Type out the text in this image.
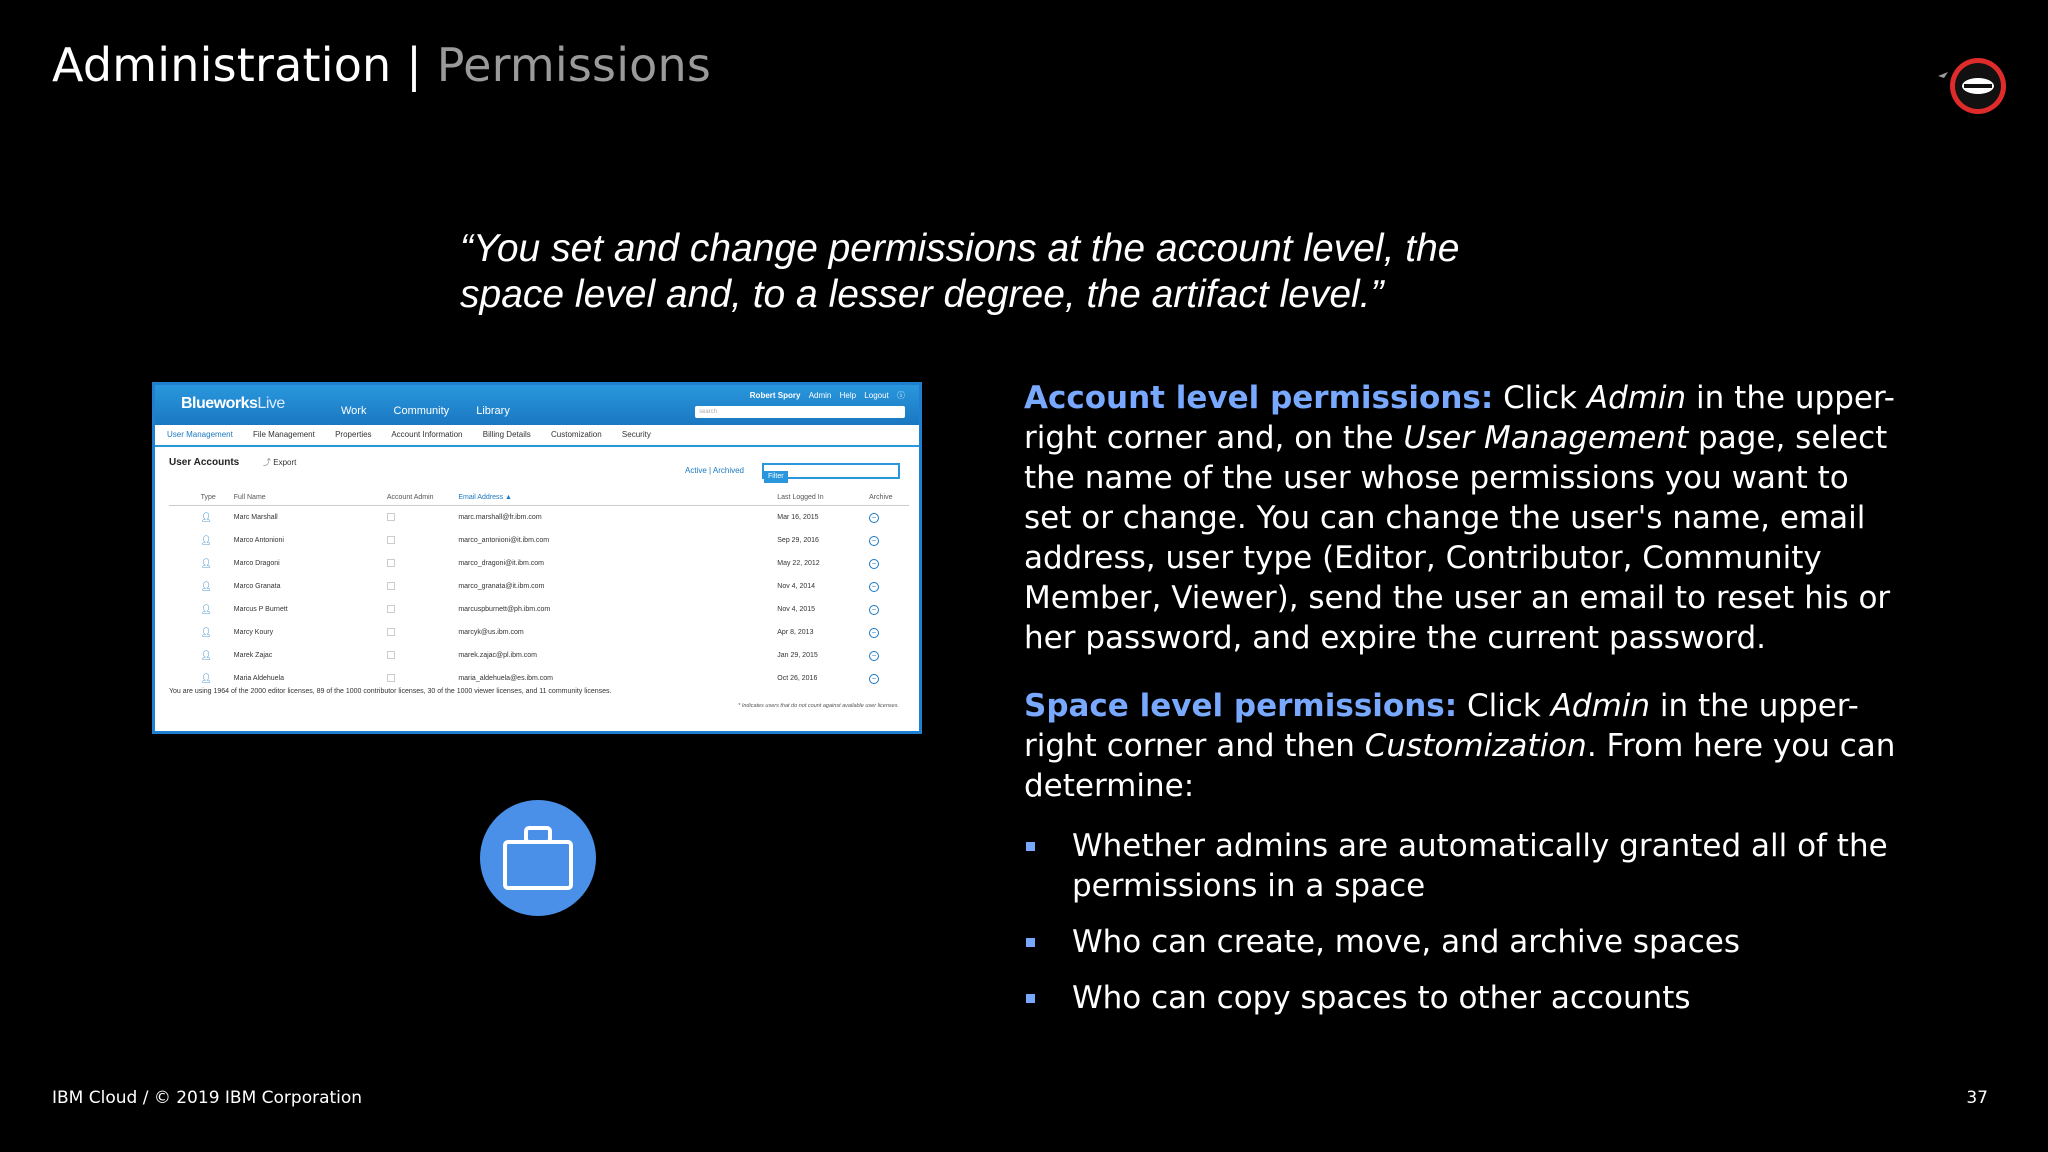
Administration | Permissions
“You set and change permissions at the account level, the space level and, to a lesser degree, the artifact level.”
BlueworksLive	Work Community Library
Robert Spory Admin Help Logout ⓘ
search
User Management	File Management	Properties Account Information	Billing Details	Customization	Security
User Accounts	⤴ Export
Active | Archived
Filter
	Type	Full Name	Account Admin	Email Address ▲	Last Logged In	Archive
	👤︎	Marc Marshall		marc.marshall@fr.ibm.com	Mar 16, 2015	–
	👤︎	Marco Antonioni		marco_antonioni@it.ibm.com	Sep 29, 2016	–
	👤︎	Marco Dragoni		marco_dragoni@it.ibm.com	May 22, 2012	–
	👤︎	Marco Granata		marco_granata@it.ibm.com	Nov 4, 2014	–
	👤︎	Marcus P Burnett		marcuspburnett@ph.ibm.com	Nov 4, 2015	–
	👤︎	Marcy Koury		marcyk@us.ibm.com	Apr 8, 2013	–
	👤︎	Marek Zajac		marek.zajac@pl.ibm.com	Jan 29, 2015	–
	👤︎	Maria Aldehuela		maria_aldehuela@es.ibm.com	Oct 26, 2016	–
You are using 1964 of the 2000 editor licenses, 89 of the 1000 contributor licenses, 30 of the 1000 viewer licenses, and 11 community licenses.
* Indicates users that do not count against available user licenses.

Account level permissions: Click Admin in the upper-right corner and, on the User Management page, select the name of the user whose permissions you want to set or change. You can change the user's name, email address, user type (Editor, Contributor, Community Member, Viewer), send the user an email to reset his or her password, and expire the current password.

Space level permissions: Click Admin in the upper-right corner and then Customization. From here you can determine:

Whether admins are automatically granted all of the permissions in a space
Who can create, move, and archive spaces
Who can copy spaces to other accounts
IBM Cloud / © 2019 IBM Corporation	37
